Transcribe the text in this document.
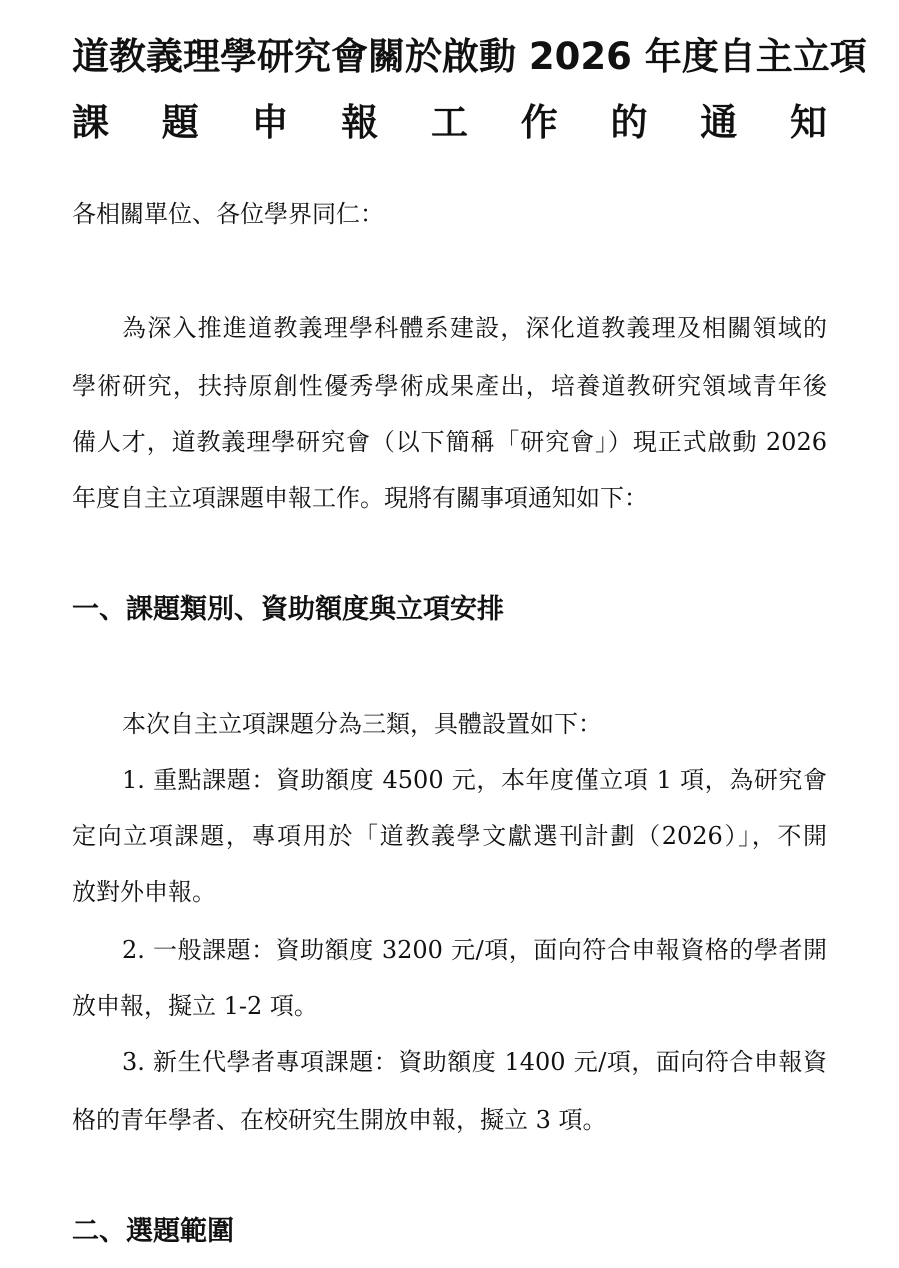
道教義理學研究會關於啟動 2026 年度自主立項
課 題 申 報 工 作 的 通 知
各相關單位、各位學界同仁：
為深入推進道教義理學科體系建設，深化道教義理及相關領域的
學術研究，扶持原創性優秀學術成果產出，培養道教研究領域青年後
備人才，道教義理學研究會（以下簡稱「研究會」）現正式啟動 2026
年度自主立項課題申報工作。現將有關事項通知如下：
一、課題類別、資助額度與立項安排
本次自主立項課題分為三類，具體設置如下：
1. 重點課題：資助額度 4500 元，本年度僅立項 1 項，為研究會
定向立項課題，專項用於「道教義學文獻選刊計劃（2026）」，不開
放對外申報。
2. 一般課題：資助額度 3200 元/項，面向符合申報資格的學者開
放申報，擬立 1-2 項。
3. 新生代學者專項課題：資助額度 1400 元/項，面向符合申報資
格的青年學者、在校研究生開放申報，擬立 3 項。
二、選題範圍
